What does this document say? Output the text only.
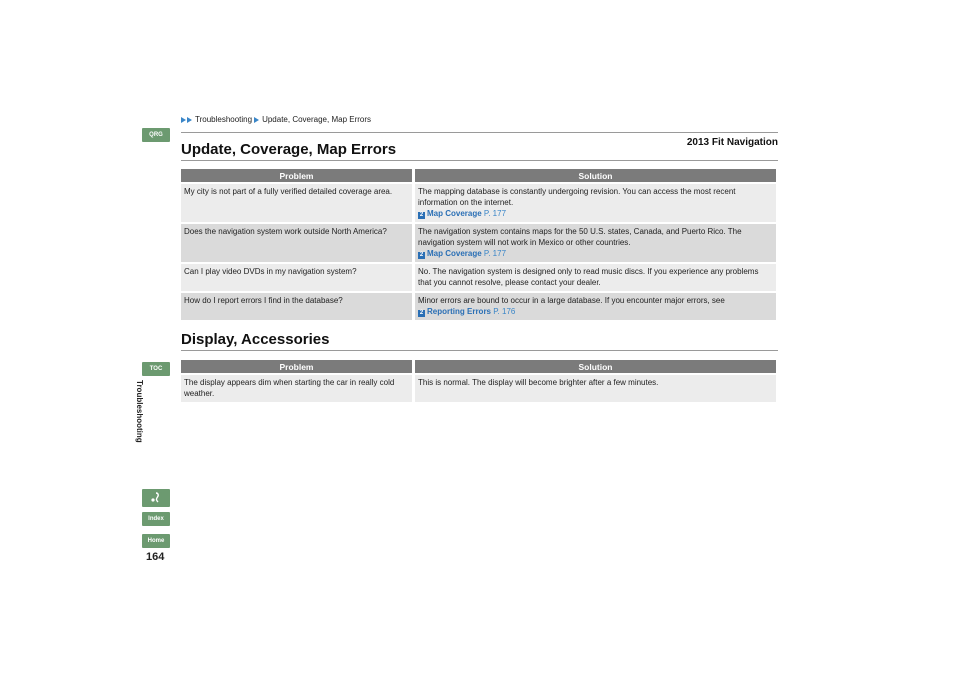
Troubleshooting Update, Coverage, Map Errors
2013 Fit Navigation
Update, Coverage, Map Errors
Problem	Solution
My city is not part of a fully verified detailed coverage area.	The mapping database is constantly undergoing revision. You can access the most recent information on the internet.
2 Map Coverage P. 177
Does the navigation system work outside North America?	The navigation system contains maps for the 50 U.S. states, Canada, and Puerto Rico. The navigation system will not work in Mexico or other countries.
2 Map Coverage P. 177
Can I play video DVDs in my navigation system?	No. The navigation system is designed only to read music discs. If you experience any problems that you cannot resolve, please contact your dealer.
How do I report errors I find in the database?	Minor errors are bound to occur in a large database. If you encounter major errors, see
2 Reporting Errors P. 176
Display, Accessories
Problem	Solution
The display appears dim when starting the car in really cold weather.	This is normal. The display will become brighter after a few minutes.
QRG
TOC
Troubleshooting
Index
Home
164
